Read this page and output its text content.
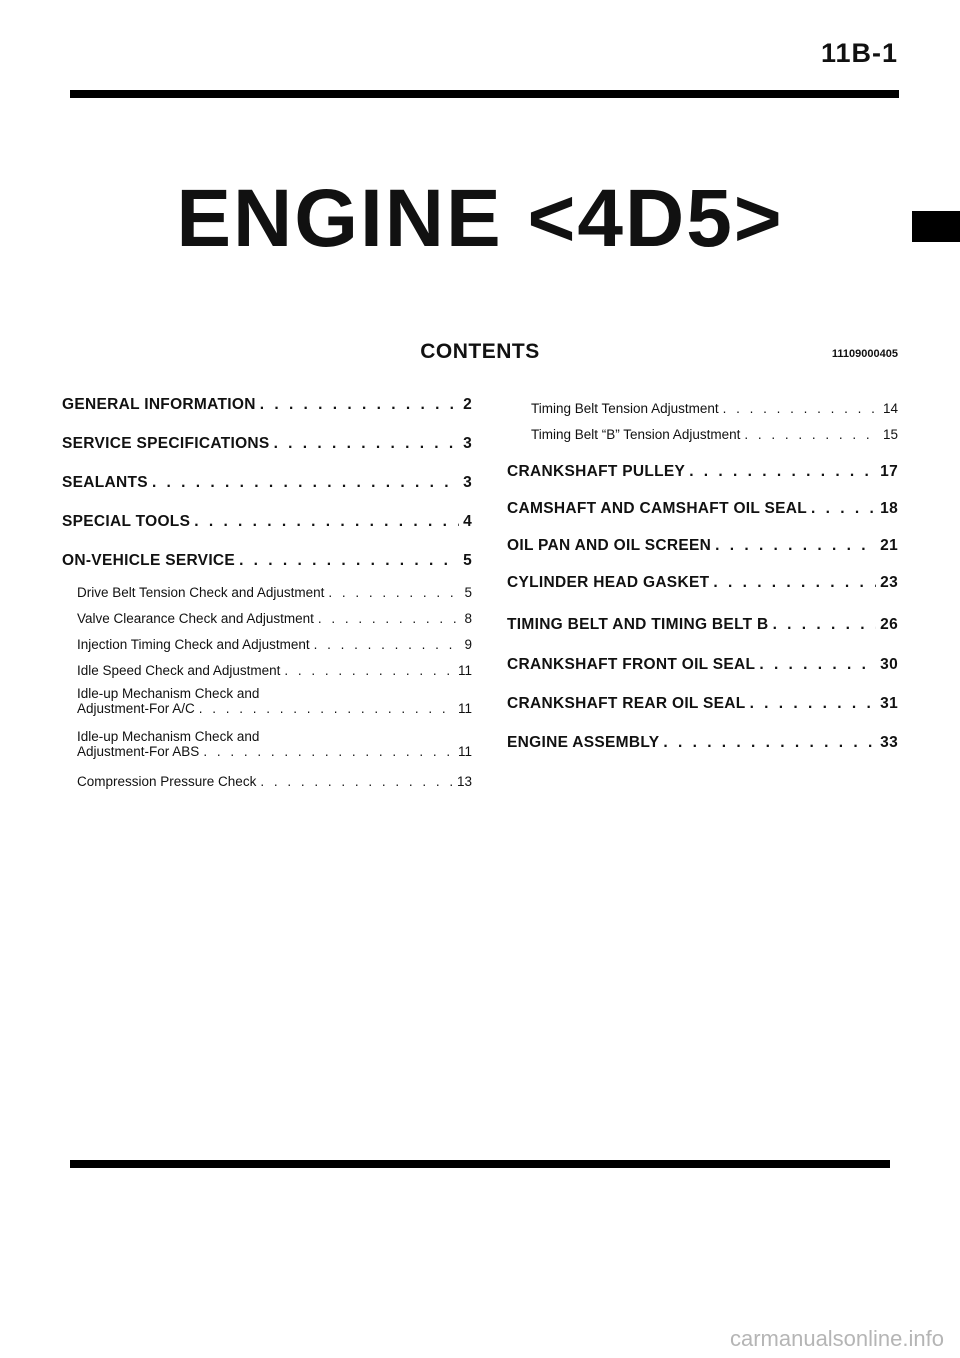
11B-1
ENGINE <4D5>
CONTENTS	11109000405
GENERAL INFORMATION . . .	2
SERVICE SPECIFICATIONS . . .	3
SEALANTS . . .	3
SPECIAL TOOLS . . .	4
ON-VEHICLE SERVICE . . .	5
Drive Belt Tension Check and Adjustment . . .	5
Valve Clearance Check and Adjustment . . .	8
Injection Timing Check and Adjustment . . .	9
Idle Speed Check and Adjustment . . .	11
Idle-up Mechanism Check and
Adjustment-For A/C . . .	11
Idle-up Mechanism Check and
Adjustment-For ABS . . .	11
Compression Pressure Check . . .	13
Timing Belt Tension Adjustment . . .	14
Timing Belt “B” Tension Adjustment . . .	15
CRANKSHAFT PULLEY . . .	17
CAMSHAFT AND CAMSHAFT OIL SEAL . . .	18
OIL PAN AND OIL SCREEN . . .	21
CYLINDER HEAD GASKET . . .	23
TIMING BELT AND TIMING BELT B . . .	26
CRANKSHAFT FRONT OIL SEAL . . .	30
CRANKSHAFT REAR OIL SEAL . . .	31
ENGINE ASSEMBLY . . .	33
carmanualsonline.info
